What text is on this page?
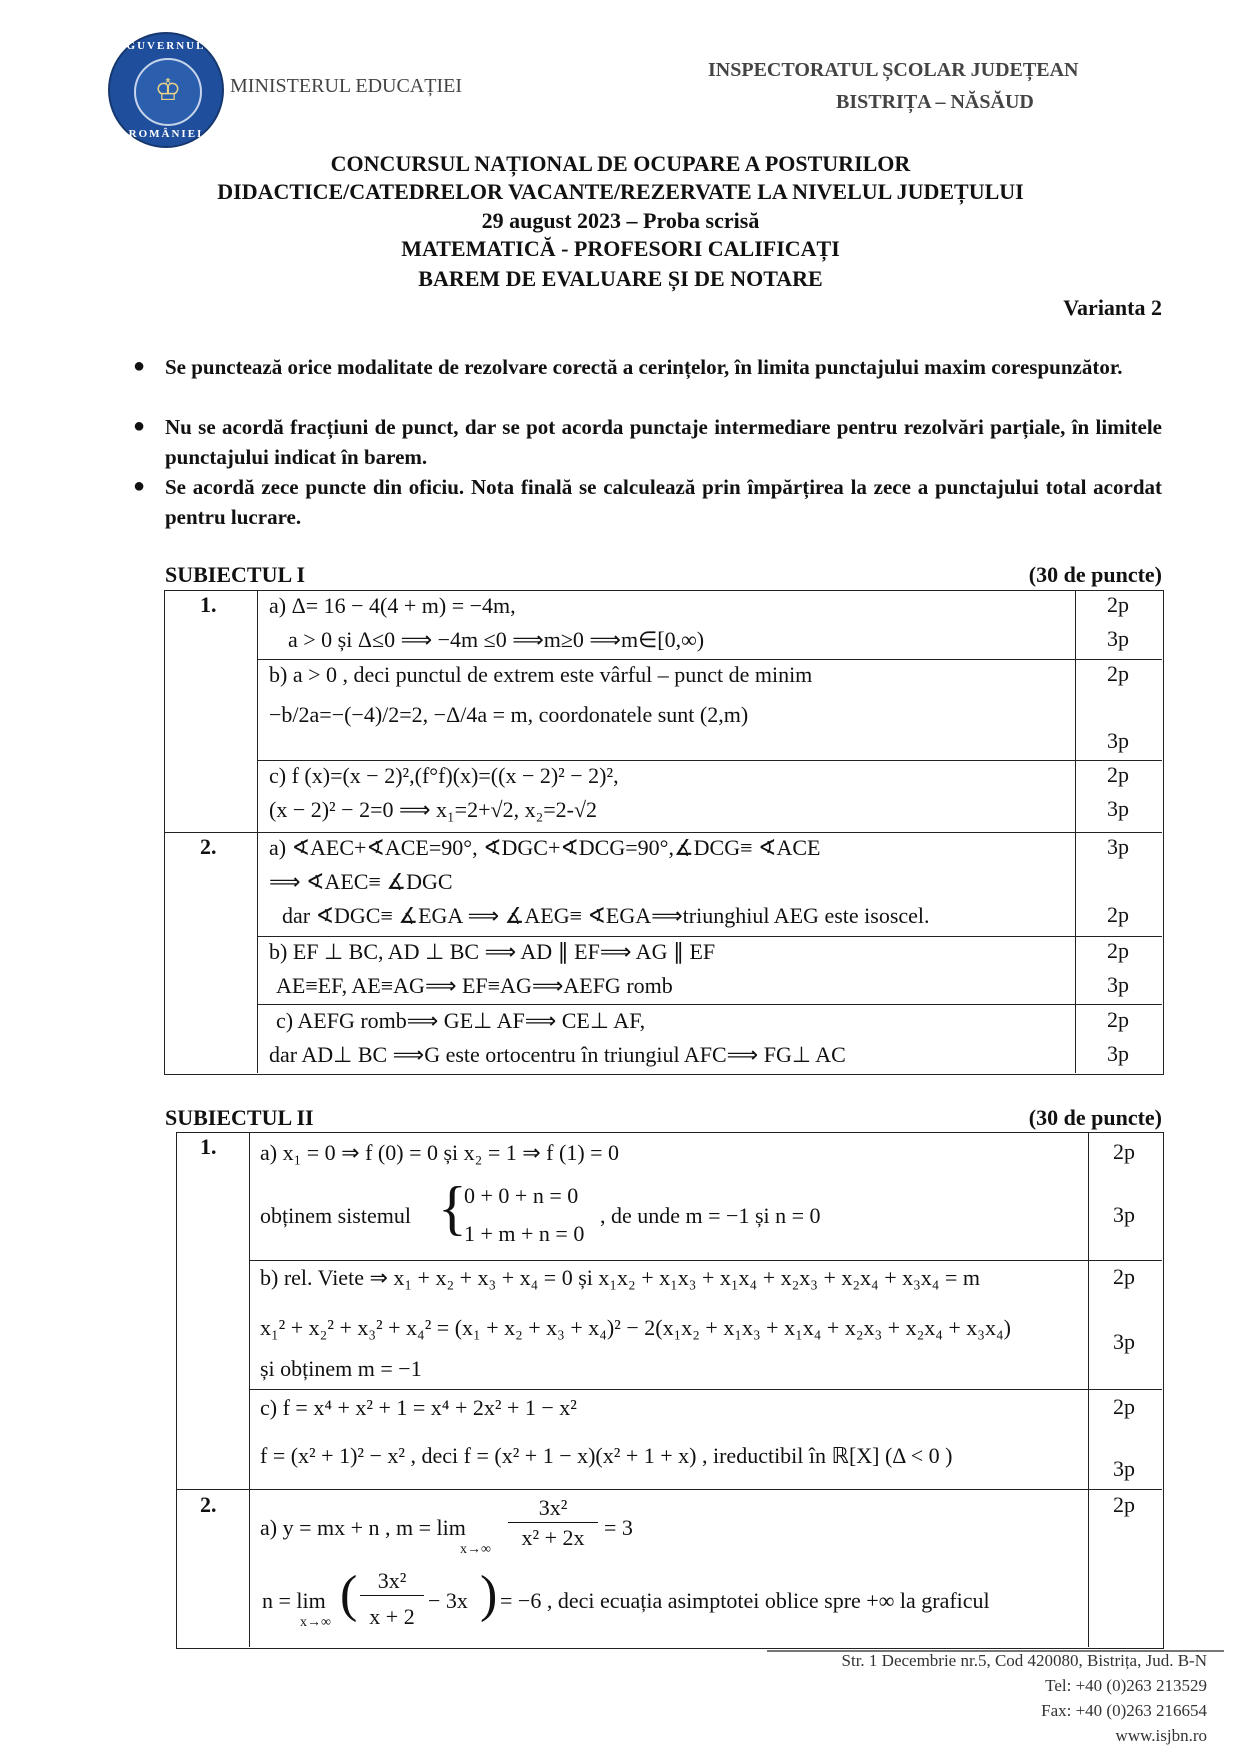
GUVERNUL
♔
ROMÂNIEI
MINISTERUL EDUCAȚIEI
INSPECTORATUL ȘCOLAR JUDEȚEAN
BISTRIȚA – NĂSĂUD
CONCURSUL NAȚIONAL DE OCUPARE A POSTURILOR
DIDACTICE/CATEDRELOR VACANTE/REZERVATE LA NIVELUL JUDEȚULUI
29 august 2023 – Proba scrisă
MATEMATICĂ - PROFESORI CALIFICAȚI
BAREM DE EVALUARE ȘI DE NOTARE
Varianta 2
● Se punctează orice modalitate de rezolvare corectă a cerințelor, în limita punctajului maxim corespunzător.
● Nu se acordă fracțiuni de punct, dar se pot acorda punctaje intermediare pentru rezolvări parțiale, în limitele punctajului indicat în barem.
● Se acordă zece puncte din oficiu. Nota finală se calculează prin împărțirea la zece a punctajului total acordat pentru lucrare.
SUBIECTUL I	(30 de puncte)
1.
2.
a) Δ= 16 − 4(4 + m) = −4m,
a > 0 și Δ≤0 ⟹ −4m ≤0 ⟹m≥0 ⟹m∈[0,∞)
b) a > 0 , deci punctul de extrem este vârful – punct de minim
−b/2a=−(−4)/2=2, −Δ/4a = m, coordonatele sunt (2,m)
c) f (x)=(x − 2)²,(f°f)(x)=((x − 2)² − 2)²,
(x − 2)² − 2=0 ⟹ x₁=2+√2, x₂=2-√2
a) ∢AEC+∢ACE=90°, ∢DGC+∢DCG=90°,∡DCG≡ ∢ACE
⟹ ∢AEC≡ ∡DGC
dar ∢DGC≡ ∡EGA ⟹ ∡AEG≡ ∢EGA⟹triunghiul AEG este isoscel.
b) EF ⊥ BC, AD ⊥ BC ⟹ AD ∥ EF⟹ AG ∥ EF
AE≡EF, AE≡AG⟹ EF≡AG⟹AEFG romb
c) AEFG romb⟹ GE⊥ AF⟹ CE⊥ AF,
dar AD⊥ BC ⟹G este ortocentru în triungiul AFC⟹ FG⊥ AC
2p
3p
2p
3p
2p
3p
3p
2p
2p
3p
2p
3p
SUBIECTUL II	(30 de puncte)
1.
2.
a) x₁ = 0 ⇒ f (0) = 0 și x₂ = 1 ⇒ f (1) = 0
obținem sistemul {
0 + 0 + n = 0
1 + m + n = 0
, de unde m = −1 și n = 0
b) rel. Viete ⇒ x₁ + x₂ + x₃ + x₄ = 0 și x₁x₂ + x₁x₃ + x₁x₄ + x₂x₃ + x₂x₄ + x₃x₄ = m
x₁² + x₂² + x₃² + x₄² = (x₁ + x₂ + x₃ + x₄)² − 2(x₁x₂ + x₁x₃ + x₁x₄ + x₂x₃ + x₂x₄ + x₃x₄)
și obținem m = −1
c) f = x⁴ + x² + 1 = x⁴ + 2x² + 1 − x²
f = (x² + 1)² − x² , deci f = (x² + 1 − x)(x² + 1 + x) , ireductibil în ℝ[X] (Δ < 0 )
a) y = mx + n , m = lim
x→∞
3x²
x² + 2x = 3
n = lim
x→∞ ( 3x²
x + 2
− 3x ) = −6 , deci ecuația asimptotei oblice spre +∞ la graficul
2p
3p
2p
3p
2p
3p
2p
Str. 1 Decembrie nr.5, Cod 420080, Bistrița, Jud. B-N
Tel: +40 (0)263 213529
Fax: +40 (0)263 216654
www.isjbn.ro
